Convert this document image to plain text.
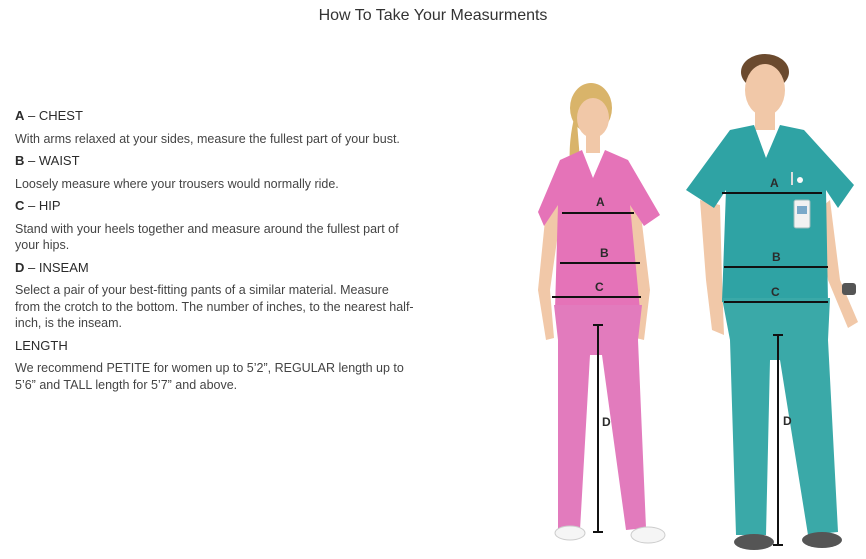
How To Take Your Measurments
A – CHEST
With arms relaxed at your sides, measure the fullest part of your bust.
B – WAIST
Loosely measure where your trousers would normally ride.
C – HIP
Stand with your heels together and measure around the fullest part of your hips.
D – INSEAM
Select a pair of your best-fitting pants of a similar material. Measure from the crotch to the bottom. The number of inches, to the nearest half-inch, is the inseam.
LENGTH
We recommend PETITE for women up to 5’2”, REGULAR length up to 5’6” and TALL length for 5’7” and above.
A
B
C
D
A
B
C
D
